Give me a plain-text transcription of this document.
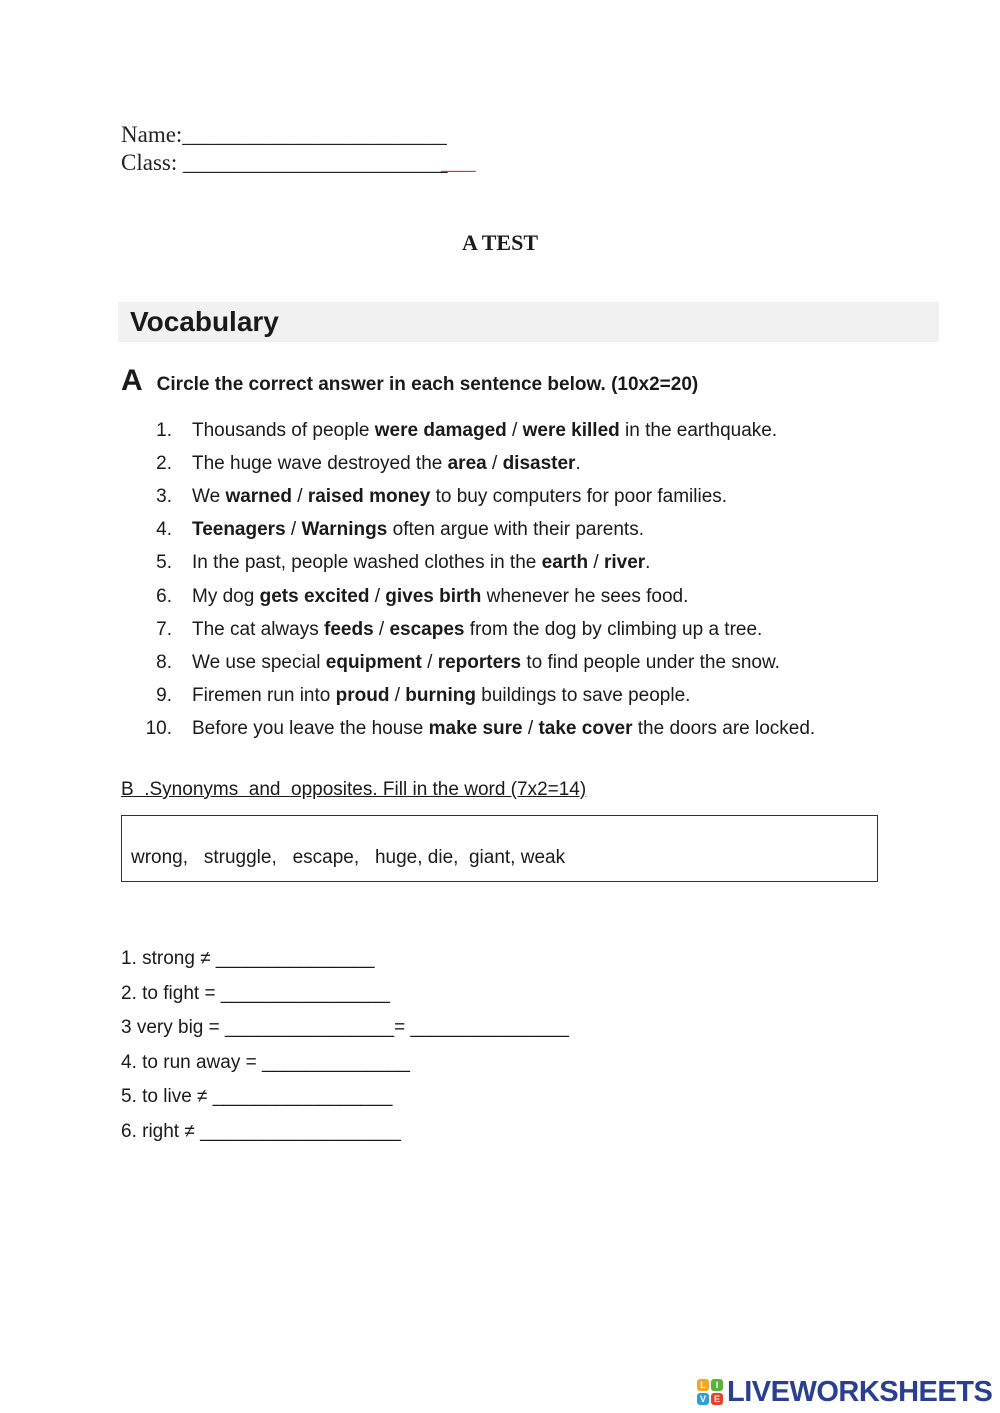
Name:_______________________
Class: _______________________
___
A TEST
Vocabulary
A Circle the correct answer in each sentence below. (10x2=20)
1. Thousands of people were damaged / were killed in the earthquake.
2. The huge wave destroyed the area / disaster.
3. We warned / raised money to buy computers for poor families.
4. Teenagers / Warnings often argue with their parents.
5. In the past, people washed clothes in the earth / river.
6. My dog gets excited / gives birth whenever he sees food.
7. The cat always feeds / escapes from the dog by climbing up a tree.
8. We use special equipment / reporters to find people under the snow.
9. Firemen run into proud / burning buildings to save people.
10. Before you leave the house make sure / take cover the doors are locked.
B  .Synonyms  and  opposites. Fill in the word (7x2=14)
wrong,   struggle,   escape,   huge, die,  giant, weak
1. strong ≠ _______________
2. to fight = ________________
3 very big = ________________= _______________
4. to run away = ______________
5. to live ≠ _________________
6. right ≠ ___________________
L	I
V E LIVEWORKSHEETS
